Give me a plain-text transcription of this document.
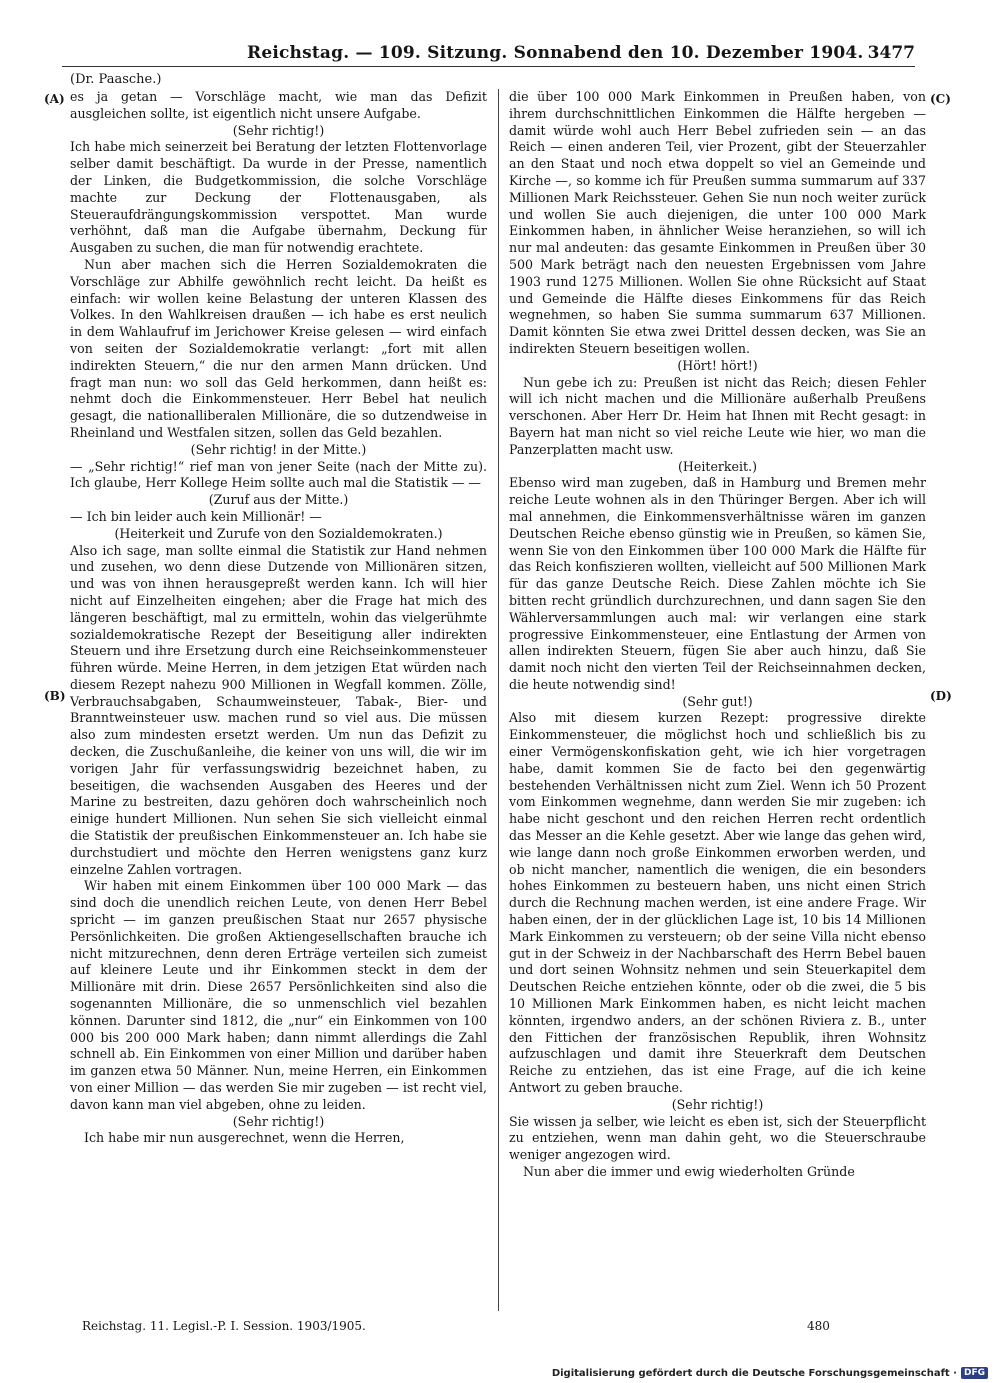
Reichstag. — 109. Sitzung. Sonnabend den 10. Dezember 1904. 3477
(Dr. Paasche.)
(A)
(B)
(C)
(D)

es ja getan — Vorschläge macht, wie man das Defizit ausgleichen sollte, ist eigentlich nicht unsere Aufgabe.

(Sehr richtig!)

Ich habe mich seinerzeit bei Beratung der letzten Flottenvorlage selber damit beschäftigt. Da wurde in der Presse, namentlich der Linken, die Budgetkommission, die solche Vorschläge machte zur Deckung der Flottenausgaben, als Steueraufdrängungskommission verspottet. Man wurde verhöhnt, daß man die Aufgabe übernahm, Deckung für Ausgaben zu suchen, die man für notwendig erachtete.

Nun aber machen sich die Herren Sozialdemokraten die Vorschläge zur Abhilfe gewöhnlich recht leicht. Da heißt es einfach: wir wollen keine Belastung der unteren Klassen des Volkes. In den Wahlkreisen draußen — ich habe es erst neulich in dem Wahlaufruf im Jerichower Kreise gelesen — wird einfach von seiten der Sozialdemokratie verlangt: „fort mit allen indirekten Steuern,“ die nur den armen Mann drücken. Und fragt man nun: wo soll das Geld herkommen, dann heißt es: nehmt doch die Einkommensteuer. Herr Bebel hat neulich gesagt, die nationalliberalen Millionäre, die so dutzendweise in Rheinland und Westfalen sitzen, sollen das Geld bezahlen.

(Sehr richtig! in der Mitte.)

— „Sehr richtig!“ rief man von jener Seite (nach der Mitte zu). Ich glaube, Herr Kollege Heim sollte auch mal die Statistik — —

(Zuruf aus der Mitte.)

— Ich bin leider auch kein Millionär! —

(Heiterkeit und Zurufe von den Sozialdemokraten.)

Also ich sage, man sollte einmal die Statistik zur Hand nehmen und zusehen, wo denn diese Dutzende von Millionären sitzen, und was von ihnen herausgepreßt werden kann. Ich will hier nicht auf Einzelheiten eingehen; aber die Frage hat mich des längeren beschäftigt, mal zu ermitteln, wohin das vielgerühmte sozialdemokratische Rezept der Beseitigung aller indirekten Steuern und ihre Ersetzung durch eine Reichseinkommensteuer führen würde. Meine Herren, in dem jetzigen Etat würden nach diesem Rezept nahezu 900 Millionen in Wegfall kommen. Zölle, Verbrauchsabgaben, Schaumweinsteuer, Tabak-, Bier- und Branntweinsteuer usw. machen rund so viel aus. Die müssen also zum mindesten ersetzt werden. Um nun das Defizit zu decken, die Zuschußanleihe, die keiner von uns will, die wir im vorigen Jahr für verfassungswidrig bezeichnet haben, zu beseitigen, die wachsenden Ausgaben des Heeres und der Marine zu bestreiten, dazu gehören doch wahrscheinlich noch einige hundert Millionen. Nun sehen Sie sich vielleicht einmal die Statistik der preußischen Einkommensteuer an. Ich habe sie durchstudiert und möchte den Herren wenigstens ganz kurz einzelne Zahlen vortragen.

Wir haben mit einem Einkommen über 100 000 Mark — das sind doch die unendlich reichen Leute, von denen Herr Bebel spricht — im ganzen preußischen Staat nur 2657 physische Persönlichkeiten. Die großen Aktiengesellschaften brauche ich nicht mitzurechnen, denn deren Erträge verteilen sich zumeist auf kleinere Leute und ihr Einkommen steckt in dem der Millionäre mit drin. Diese 2657 Persönlichkeiten sind also die sogenannten Millionäre, die so unmenschlich viel bezahlen können. Darunter sind 1812, die „nur“ ein Einkommen von 100 000 bis 200 000 Mark haben; dann nimmt allerdings die Zahl schnell ab. Ein Einkommen von einer Million und darüber haben im ganzen etwa 50 Männer. Nun, meine Herren, ein Einkommen von einer Million — das werden Sie mir zugeben — ist recht viel, davon kann man viel abgeben, ohne zu leiden.

(Sehr richtig!)

Ich habe mir nun ausgerechnet, wenn die Herren,

die über 100 000 Mark Einkommen in Preußen haben, von ihrem durchschnittlichen Einkommen die Hälfte hergeben — damit würde wohl auch Herr Bebel zufrieden sein — an das Reich — einen anderen Teil, vier Prozent, gibt der Steuerzahler an den Staat und noch etwa doppelt so viel an Gemeinde und Kirche —, so komme ich für Preußen summa summarum auf 337 Millionen Mark Reichssteuer. Gehen Sie nun noch weiter zurück und wollen Sie auch diejenigen, die unter 100 000 Mark Einkommen haben, in ähnlicher Weise heranziehen, so will ich nur mal andeuten: das gesamte Einkommen in Preußen über 30 500 Mark beträgt nach den neuesten Ergebnissen vom Jahre 1903 rund 1275 Millionen. Wollen Sie ohne Rücksicht auf Staat und Gemeinde die Hälfte dieses Einkommens für das Reich wegnehmen, so haben Sie summa summarum 637 Millionen. Damit könnten Sie etwa zwei Drittel dessen decken, was Sie an indirekten Steuern beseitigen wollen.

(Hört! hört!)

Nun gebe ich zu: Preußen ist nicht das Reich; diesen Fehler will ich nicht machen und die Millionäre außerhalb Preußens verschonen. Aber Herr Dr. Heim hat Ihnen mit Recht gesagt: in Bayern hat man nicht so viel reiche Leute wie hier, wo man die Panzerplatten macht usw.

(Heiterkeit.)

Ebenso wird man zugeben, daß in Hamburg und Bremen mehr reiche Leute wohnen als in den Thüringer Bergen. Aber ich will mal annehmen, die Einkommensverhältnisse wären im ganzen Deutschen Reiche ebenso günstig wie in Preußen, so kämen Sie, wenn Sie von den Einkommen über 100 000 Mark die Hälfte für das Reich konfiszieren wollten, vielleicht auf 500 Millionen Mark für das ganze Deutsche Reich. Diese Zahlen möchte ich Sie bitten recht gründlich durchzurechnen, und dann sagen Sie den Wählerversammlungen auch mal: wir verlangen eine stark progressive Einkommensteuer, eine Entlastung der Armen von allen indirekten Steuern, fügen Sie aber auch hinzu, daß Sie damit noch nicht den vierten Teil der Reichseinnahmen decken, die heute notwendig sind!

(Sehr gut!)

Also mit diesem kurzen Rezept: progressive direkte Einkommensteuer, die möglichst hoch und schließlich bis zu einer Vermögenskonfiskation geht, wie ich hier vorgetragen habe, damit kommen Sie de facto bei den gegenwärtig bestehenden Verhältnissen nicht zum Ziel. Wenn ich 50 Prozent vom Einkommen wegnehme, dann werden Sie mir zugeben: ich habe nicht geschont und den reichen Herren recht ordentlich das Messer an die Kehle gesetzt. Aber wie lange das gehen wird, wie lange dann noch große Einkommen erworben werden, und ob nicht mancher, namentlich die wenigen, die ein besonders hohes Einkommen zu besteuern haben, uns nicht einen Strich durch die Rechnung machen werden, ist eine andere Frage. Wir haben einen, der in der glücklichen Lage ist, 10 bis 14 Millionen Mark Einkommen zu versteuern; ob der seine Villa nicht ebenso gut in der Schweiz in der Nachbarschaft des Herrn Bebel bauen und dort seinen Wohnsitz nehmen und sein Steuerkapitel dem Deutschen Reiche entziehen könnte, oder ob die zwei, die 5 bis 10 Millionen Mark Einkommen haben, es nicht leicht machen könnten, irgendwo anders, an der schönen Riviera z. B., unter den Fittichen der französischen Republik, ihren Wohnsitz aufzuschlagen und damit ihre Steuerkraft dem Deutschen Reiche zu entziehen, das ist eine Frage, auf die ich keine Antwort zu geben brauche.

(Sehr richtig!)

Sie wissen ja selber, wie leicht es eben ist, sich der Steuerpflicht zu entziehen, wenn man dahin geht, wo die Steuerschraube weniger angezogen wird.

Nun aber die immer und ewig wiederholten Gründe

Reichstag. 11. Legisl.-P. I. Session. 1903/1905.	480
Digitalisierung gefördert durch die Deutsche Forschungsgemeinschaft · DFG
